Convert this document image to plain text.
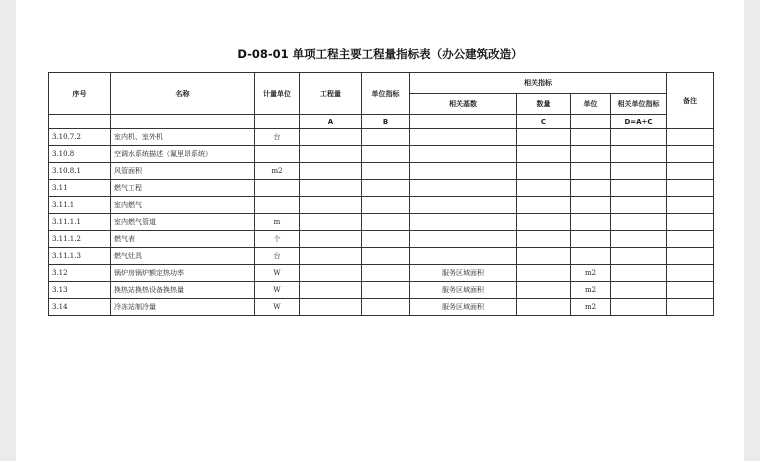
D-08-01 单项工程主要工程量指标表（办公建筑改造）
序号	名称	计量单位	工程量	单位指标	相关指标				备注
					相关基数	数量	单位	相关单位指标	
			A	B		C		D=A÷C	
3.10.7.2	室内机、室外机	台							
3.10.8	空调水系统描述（氟里昂系统）								
3.10.8.1	风管面积	m2							
3.11	燃气工程								
3.11.1	室内燃气								
3.11.1.1	室内燃气管道	m							
3.11.1.2	燃气表	个							
3.11.1.3	燃气灶具	台							
3.12	锅炉房锅炉额定热功率	W			服务区域面积		m2		
3.13	换热站换热设备换热量	W			服务区域面积		m2		
3.14	冷冻站制冷量	W			服务区域面积		m2		
